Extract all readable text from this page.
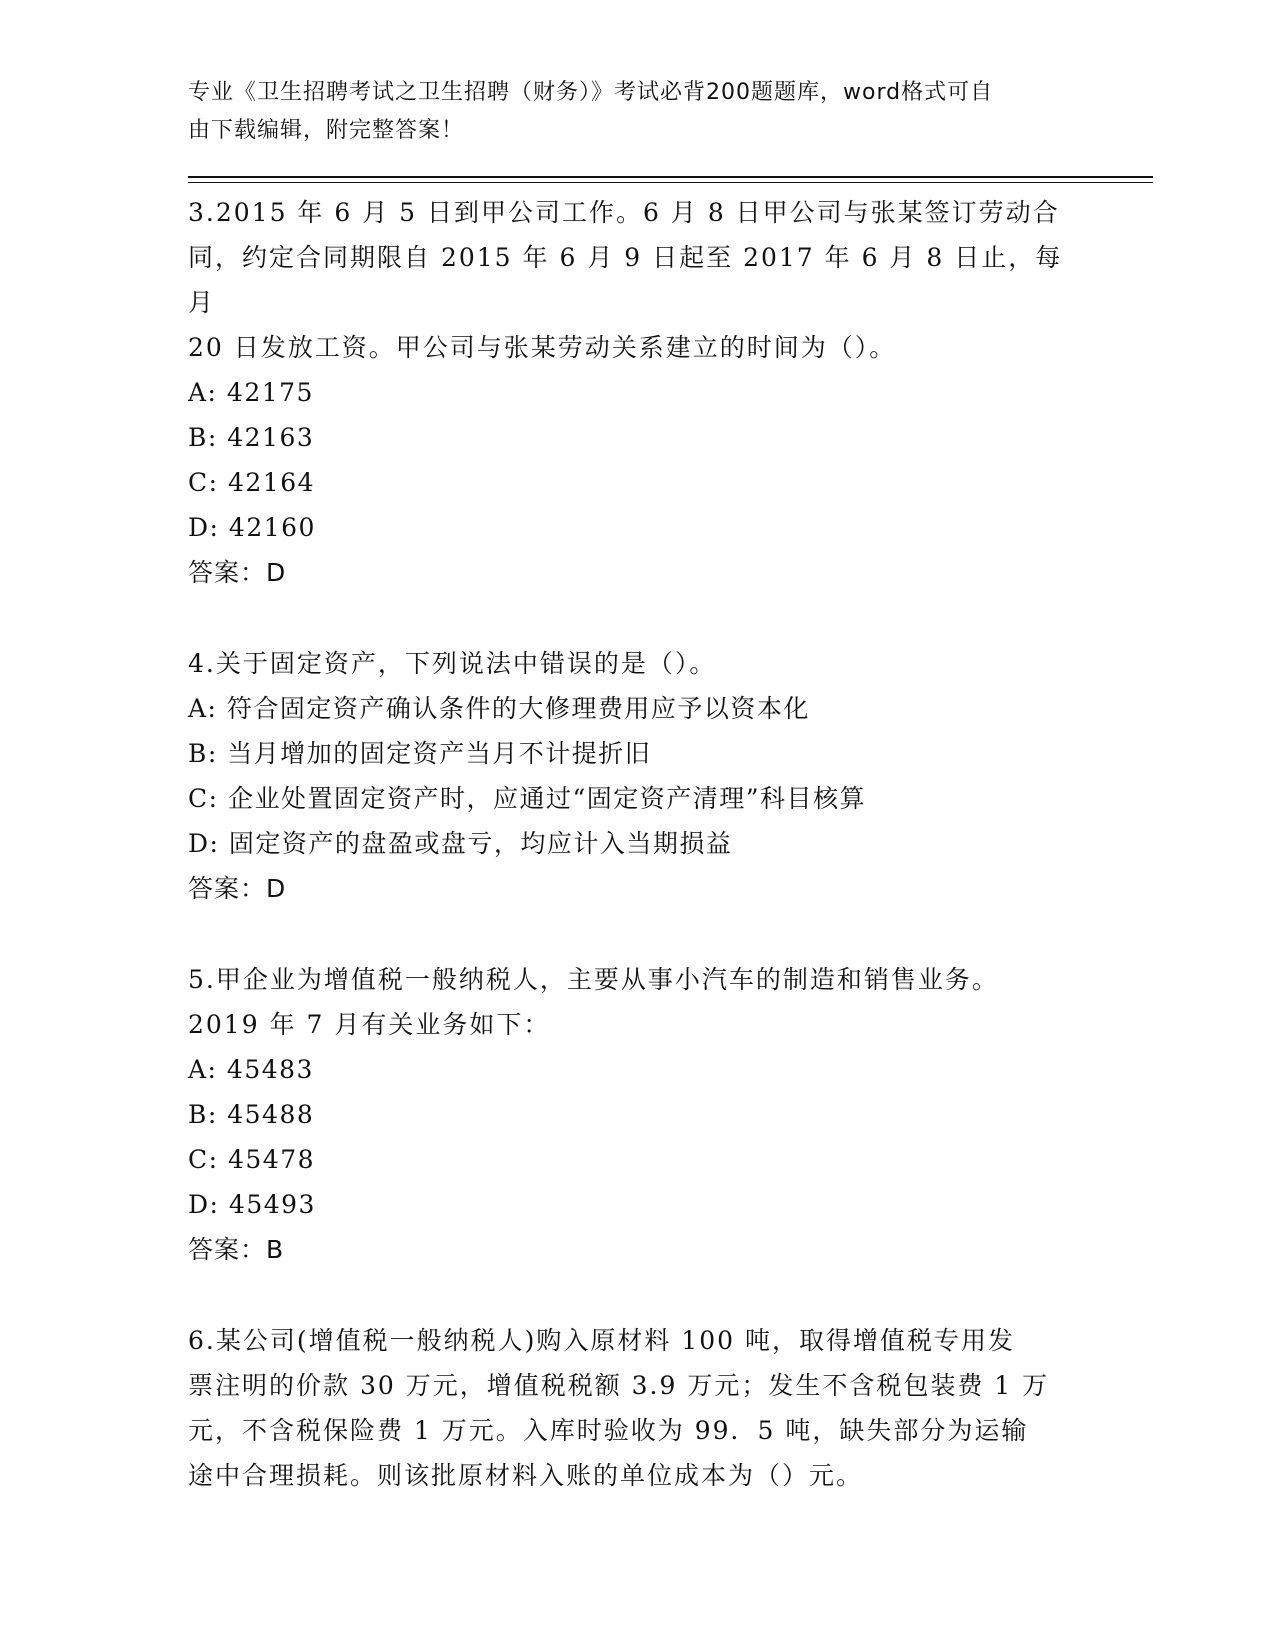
专业《卫生招聘考试之卫生招聘（财务）》考试必背200题题库，word格式可自
由下载编辑，附完整答案！

3.2015 年 6 月 5 日到甲公司工作。6 月 8 日甲公司与张某签订劳动合

同，约定合同期限自 2015 年 6 月 9 日起至 2017 年 6 月 8 日止，每月

20 日发放工资。甲公司与张某劳动关系建立的时间为（）。

A: 42175

B: 42163

C: 42164

D: 42160

答案：D

4.关于固定资产，下列说法中错误的是（）。

A: 符合固定资产确认条件的大修理费用应予以资本化

B: 当月增加的固定资产当月不计提折旧

C: 企业处置固定资产时，应通过“固定资产清理”科目核算

D: 固定资产的盘盈或盘亏，均应计入当期损益

答案：D

5.甲企业为增值税一般纳税人，主要从事小汽车的制造和销售业务。

2019 年 7 月有关业务如下：

A: 45483

B: 45488

C: 45478

D: 45493

答案：B

6.某公司(增值税一般纳税人)购入原材料 100 吨，取得增值税专用发

票注明的价款 30 万元，增值税税额 3.9 万元；发生不含税包装费 1 万

元，不含税保险费 1 万元。入库时验收为 99．5 吨，缺失部分为运输

途中合理损耗。则该批原材料入账的单位成本为（）元。
